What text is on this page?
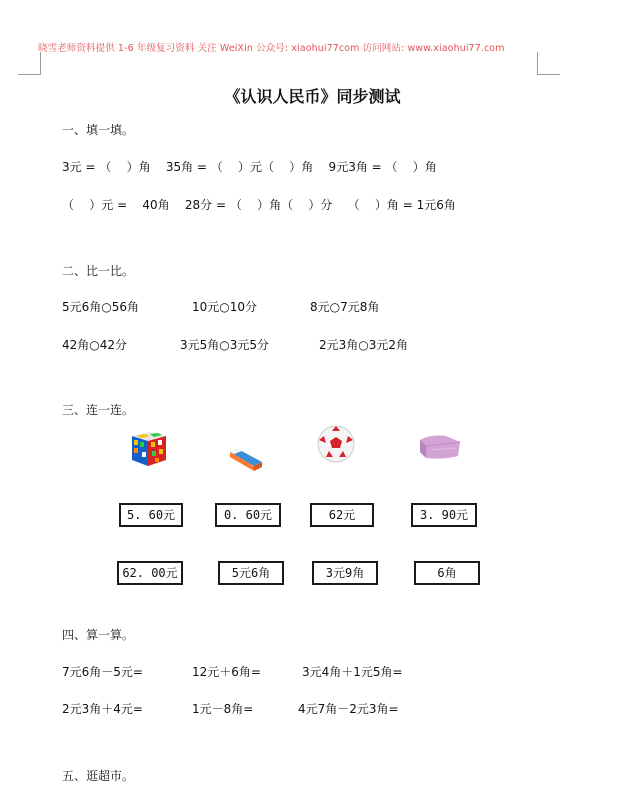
晓雪老师资料提供 1-6 年级复习资料 关注 WeiXin 公众号: xiaohui77com 访问网站: www.xiaohui77.com
《认识人民币》同步测试
一、填一填。
3元 = （    ）角    35角 = （    ）元（    ）角    9元3角 = （    ）角
（    ）元 =    40角    28分 = （    ）角（    ）分    （    ）角 = 1元6角
二、比一比。
5元6角○56角	10元○10分	8元○7元8角
42角○42分	3元5角○3元5分	2元3角○3元2角
三、连一连。
5. 60元	0. 60元	62元	3. 90元
62. 00元	5元6角	3元9角	6角
四、算一算。
7元6角－5元=	12元＋6角=	3元4角＋1元5角=
2元3角＋4元=	1元－8角=	4元7角－2元3角=
五、逛超市。
